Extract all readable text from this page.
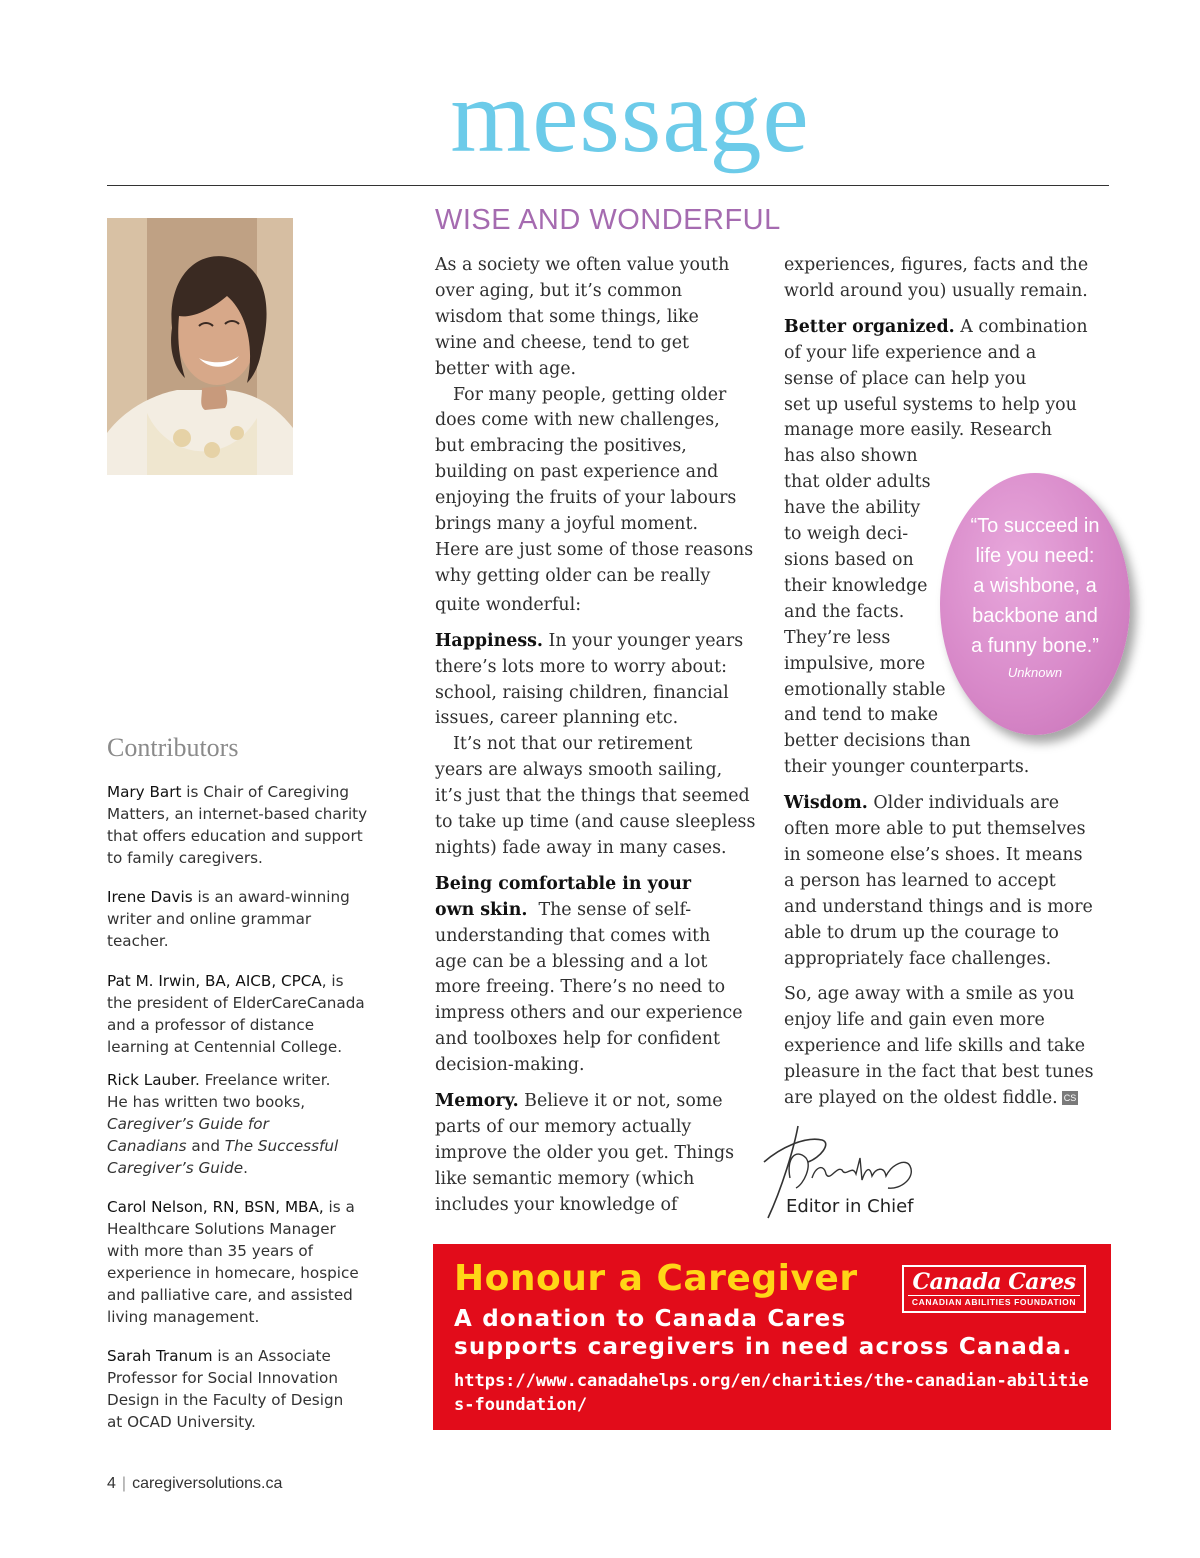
message
WISE AND WONDERFUL

As a society we often value youth
over aging, but it’s common
wisdom that some things, like
wine and cheese, tend to get
better with age.

For many people, getting older
does come with new challenges,
but embracing the positives,
building on past experience and
enjoying the fruits of your labours
brings many a joyful moment.
Here are just some of those reasons
why getting older can be really
quite wonderful:

Happiness. In your younger years
there’s lots more to worry about:
school, raising children, financial
issues, career planning etc.

It’s not that our retirement
years are always smooth sailing,
it’s just that the things that seemed
to take up time (and cause sleepless
nights) fade away in many cases.

Being comfortable in your
own skin.  The sense of self-
understanding that comes with
age can be a blessing and a lot
more freeing. There’s no need to
impress others and our experience
and toolboxes help for confident
decision-making.

Memory. Believe it or not, some
parts of our memory actually
improve the older you get. Things
like semantic memory (which
includes your knowledge of

experiences, figures, facts and the
world around you) usually remain.

Better organized. A combination
of your life experience and a
sense of place can help you
set up useful systems to help you
manage more easily. Research
has also shown
that older adults
have the ability
to weigh deci-
sions based on
their knowledge
and the facts.
They’re less
impulsive, more
emotionally stable
and tend to make
better decisions than
their younger counterparts.

Wisdom. Older individuals are
often more able to put themselves
in someone else’s shoes. It means
a person has learned to accept
and understand things and is more
able to drum up the courage to
appropriately face challenges.

So, age away with a smile as you
enjoy life and gain even more
experience and life skills and take
pleasure in the fact that best tunes
are played on the oldest fiddle. CS

“To succeed in
life you need:
a wishbone, a
backbone and
a funny bone.”
Unknown
Editor in Chief
Contributors
Mary Bart is Chair of Caregiving Matters, an internet-based charity that offers education and support to family caregivers.
Irene Davis is an award-winning writer and online grammar teacher.
Pat M. Irwin, BA, AICB, CPCA, is the president of ElderCareCanada and a professor of distance learning at Centennial College.
Rick Lauber. Freelance writer. He has written two books, Caregiver’s Guide for Canadians and The Successful Caregiver’s Guide.
Carol Nelson, RN, BSN, MBA, is a Healthcare Solutions Manager with more than 35 years of experience in homecare, hospice and palliative care, and assisted living management.
Sarah Tranum is an Associate Professor for Social Innovation Design in the Faculty of Design at OCAD University.
Honour a Caregiver	Canada Cares
CANADIAN ABILITIES FOUNDATION
A donation to Canada Cares
supports caregivers in need across Canada.
https://www.canadahelps.org/en/charities/the-canadian-abilities-foundation/
4 | caregiversolutions.ca
